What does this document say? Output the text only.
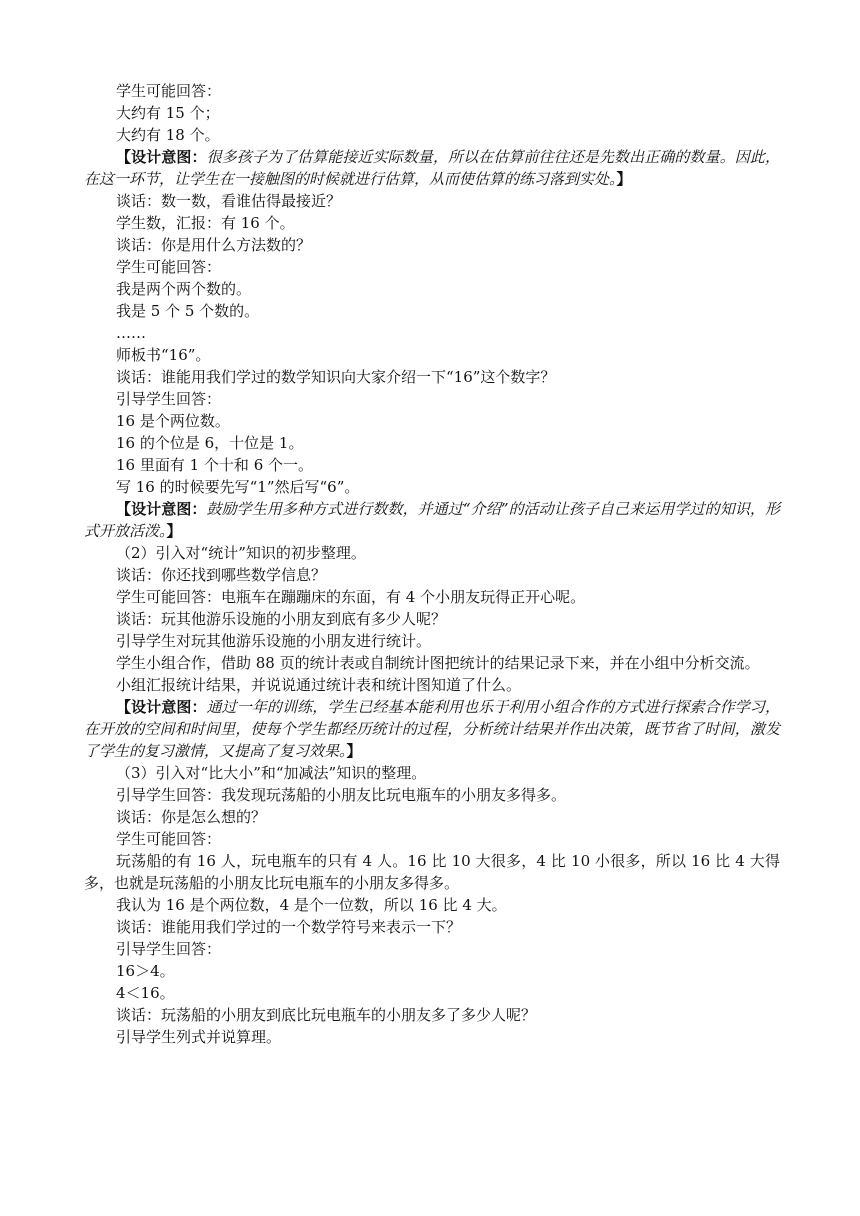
学生可能回答：

大约有 15 个；

大约有 18 个。

【设计意图：很多孩子为了估算能接近实际数量，所以在估算前往往还是先数出正确的数量。因此，在这一环节，让学生在一接触图的时候就进行估算，从而使估算的练习落到实处。】

谈话：数一数，看谁估得最接近？

学生数，汇报：有 16 个。

谈话：你是用什么方法数的？

学生可能回答：

我是两个两个数的。

我是 5 个 5 个数的。

……

师板书“16”。

谈话：谁能用我们学过的数学知识向大家介绍一下“16”这个数字？

引导学生回答：

16 是个两位数。

16 的个位是 6，十位是 1。

16 里面有 1 个十和 6 个一。

写 16 的时候要先写“1”然后写“6”。

【设计意图：鼓励学生用多种方式进行数数，并通过“介绍”的活动让孩子自己来运用学过的知识，形式开放活泼。】

（2）引入对“统计”知识的初步整理。

谈话：你还找到哪些数学信息？

学生可能回答：电瓶车在蹦蹦床的东面，有 4 个小朋友玩得正开心呢。

谈话：玩其他游乐设施的小朋友到底有多少人呢？

引导学生对玩其他游乐设施的小朋友进行统计。

学生小组合作，借助 88 页的统计表或自制统计图把统计的结果记录下来，并在小组中分析交流。

小组汇报统计结果，并说说通过统计表和统计图知道了什么。

【设计意图：通过一年的训练，学生已经基本能利用也乐于利用小组合作的方式进行探索合作学习，在开放的空间和时间里，使每个学生都经历统计的过程，分析统计结果并作出决策，既节省了时间，激发了学生的复习激情，又提高了复习效果。】

（3）引入对“比大小”和“加减法”知识的整理。

引导学生回答：我发现玩荡船的小朋友比玩电瓶车的小朋友多得多。

谈话：你是怎么想的？

学生可能回答：

玩荡船的有 16 人，玩电瓶车的只有 4 人。16 比 10 大很多，4 比 10 小很多，所以 16 比 4 大得多，也就是玩荡船的小朋友比玩电瓶车的小朋友多得多。

我认为 16 是个两位数，4 是个一位数，所以 16 比 4 大。

谈话：谁能用我们学过的一个数学符号来表示一下？

引导学生回答：

16＞4。

4＜16。

谈话：玩荡船的小朋友到底比玩电瓶车的小朋友多了多少人呢？

引导学生列式并说算理。
